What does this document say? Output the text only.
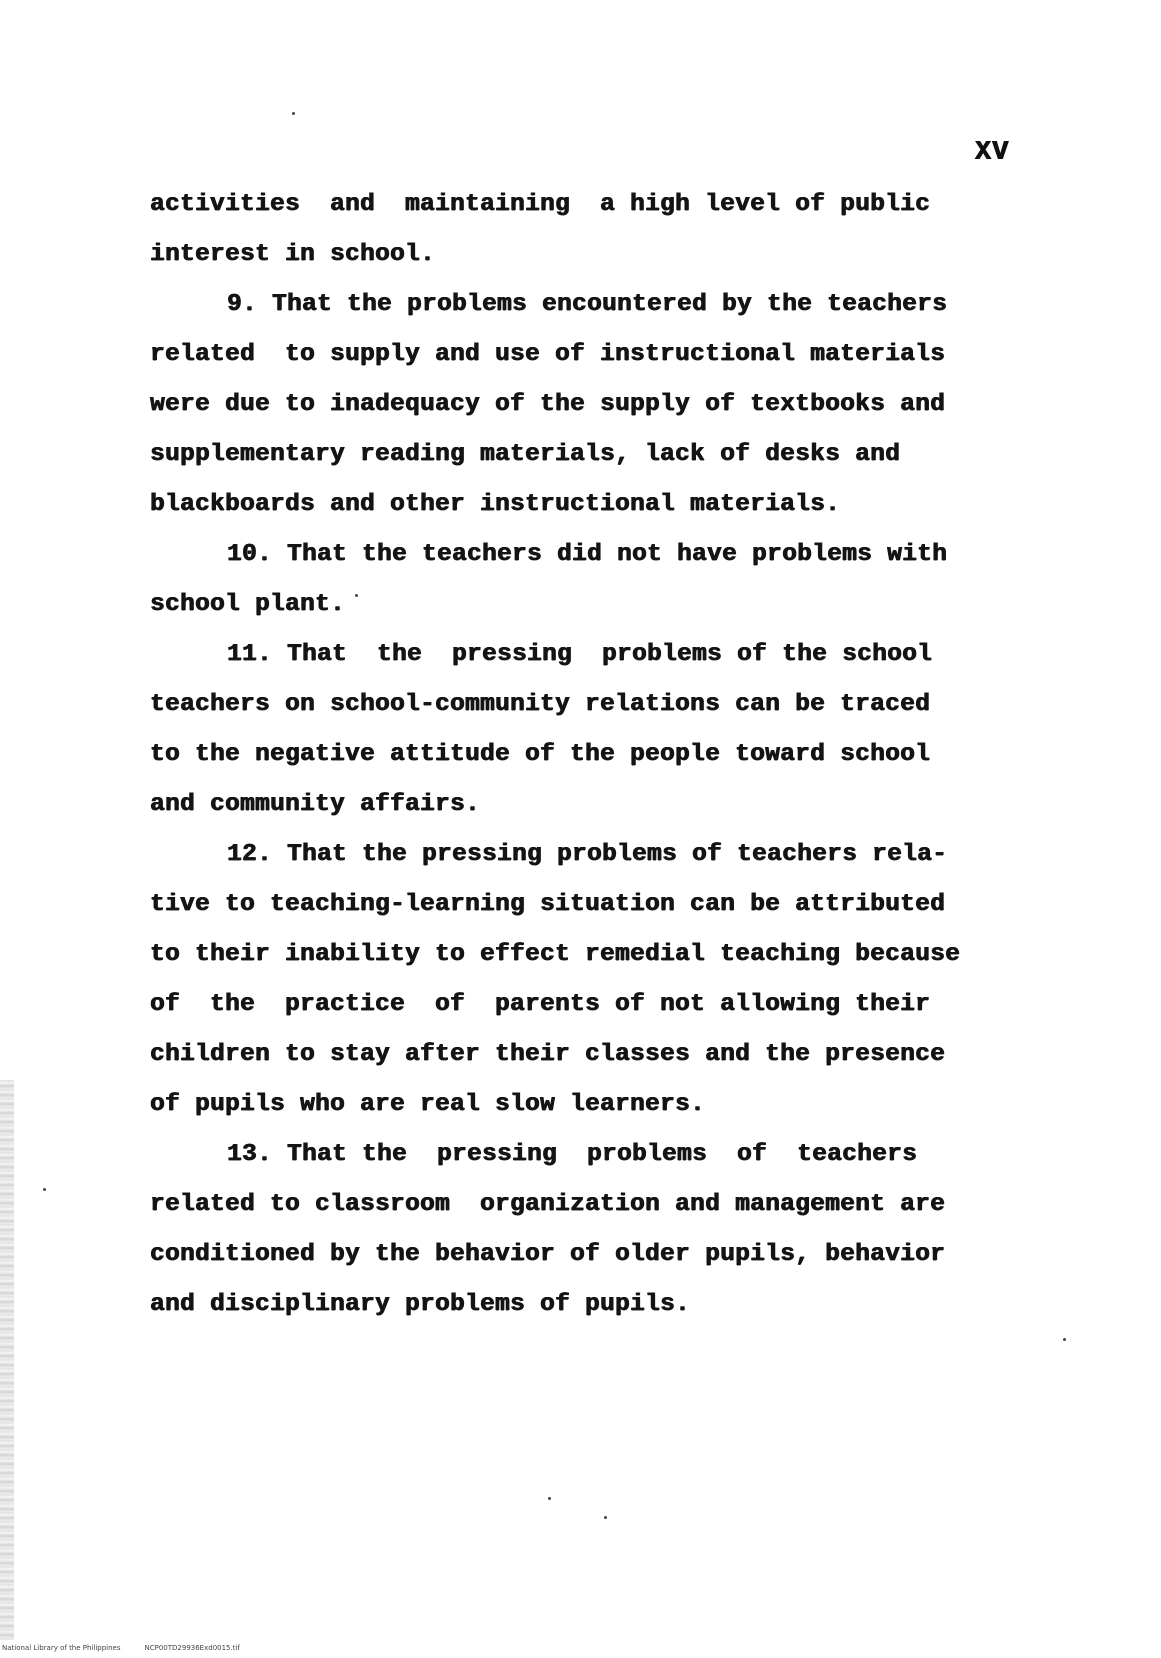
XV
activities  and  maintaining  a high level of public
interest in school.
9. That the problems encountered by the teachers
related  to supply and use of instructional materials
were due to inadequacy of the supply of textbooks and
supplementary reading materials, lack of desks and
blackboards and other instructional materials.
10. That the teachers did not have problems with
school plant.
11. That  the  pressing  problems of the school
teachers on school-community relations can be traced
to the negative attitude of the people toward school
and community affairs.
12. That the pressing problems of teachers rela-
tive to teaching-learning situation can be attributed
to their inability to effect remedial teaching because
of  the  practice  of  parents of not allowing their
children to stay after their classes and the presence
of pupils who are real slow learners.
13. That the  pressing  problems  of  teachers
related to classroom  organization and management are
conditioned by the behavior of older pupils, behavior
and disciplinary problems of pupils.
National Library of the Philippines	NCP00TD29936Exd0015.tif
